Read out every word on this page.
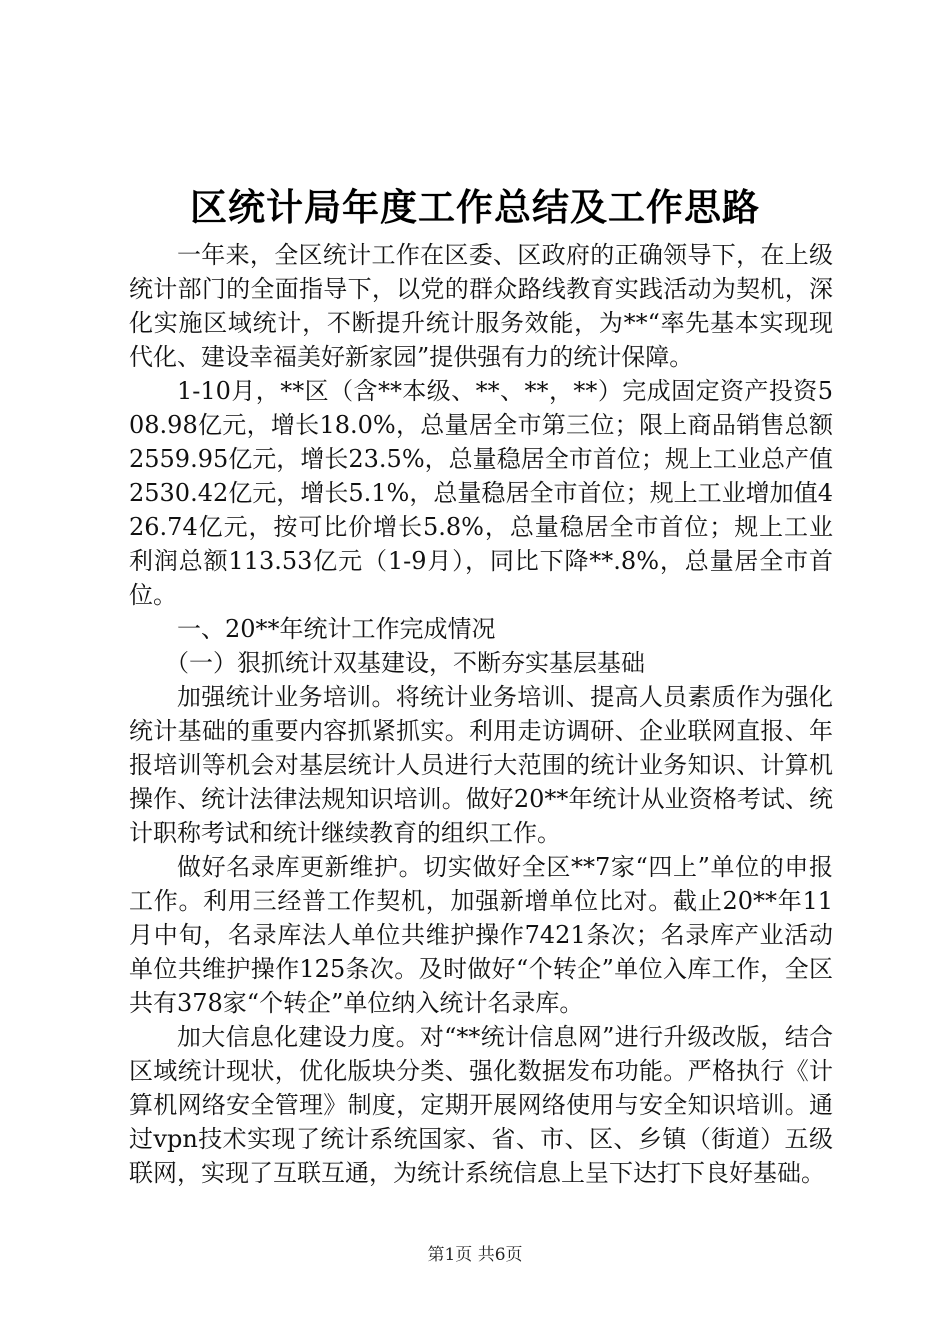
区统计局年度工作总结及工作思路

一年来，全区统计工作在区委、区政府的正确领导下，在上级统计部门的全面指导下，以党的群众路线教育实践活动为契机，深化实施区域统计，不断提升统计服务效能，为**“率先基本实现现代化、建设幸福美好新家园”提供强有力的统计保障。

1-10月，**区（含**本级、**、**，**）完成固定资产投资508.98亿元，增长18.0%，总量居全市第三位；限上商品销售总额2559.95亿元，增长23.5%，总量稳居全市首位；规上工业总产值2530.42亿元，增长5.1%，总量稳居全市首位；规上工业增加值426.74亿元，按可比价增长5.8%，总量稳居全市首位；规上工业利润总额113.53亿元（1-9月），同比下降**.8%，总量居全市首位。

一、20**年统计工作完成情况

（一）狠抓统计双基建设，不断夯实基层基础

加强统计业务培训。将统计业务培训、提高人员素质作为强化统计基础的重要内容抓紧抓实。利用走访调研、企业联网直报、年报培训等机会对基层统计人员进行大范围的统计业务知识、计算机操作、统计法律法规知识培训。做好20**年统计从业资格考试、统计职称考试和统计继续教育的组织工作。

做好名录库更新维护。切实做好全区**7家“四上”单位的申报工作。利用三经普工作契机，加强新增单位比对。截止20**年11月中旬，名录库法人单位共维护操作7421条次；名录库产业活动单位共维护操作125条次。及时做好“个转企”单位入库工作，全区共有378家“个转企”单位纳入统计名录库。

加大信息化建设力度。对“**统计信息网”进行升级改版，结合区域统计现状，优化版块分类、强化数据发布功能。严格执行《计算机网络安全管理》制度，定期开展网络使用与安全知识培训。通过vpn技术实现了统计系统国家、省、市、区、乡镇（街道）五级联网，实现了互联互通，为统计系统信息上呈下达打下良好基础。

第1页 共6页
